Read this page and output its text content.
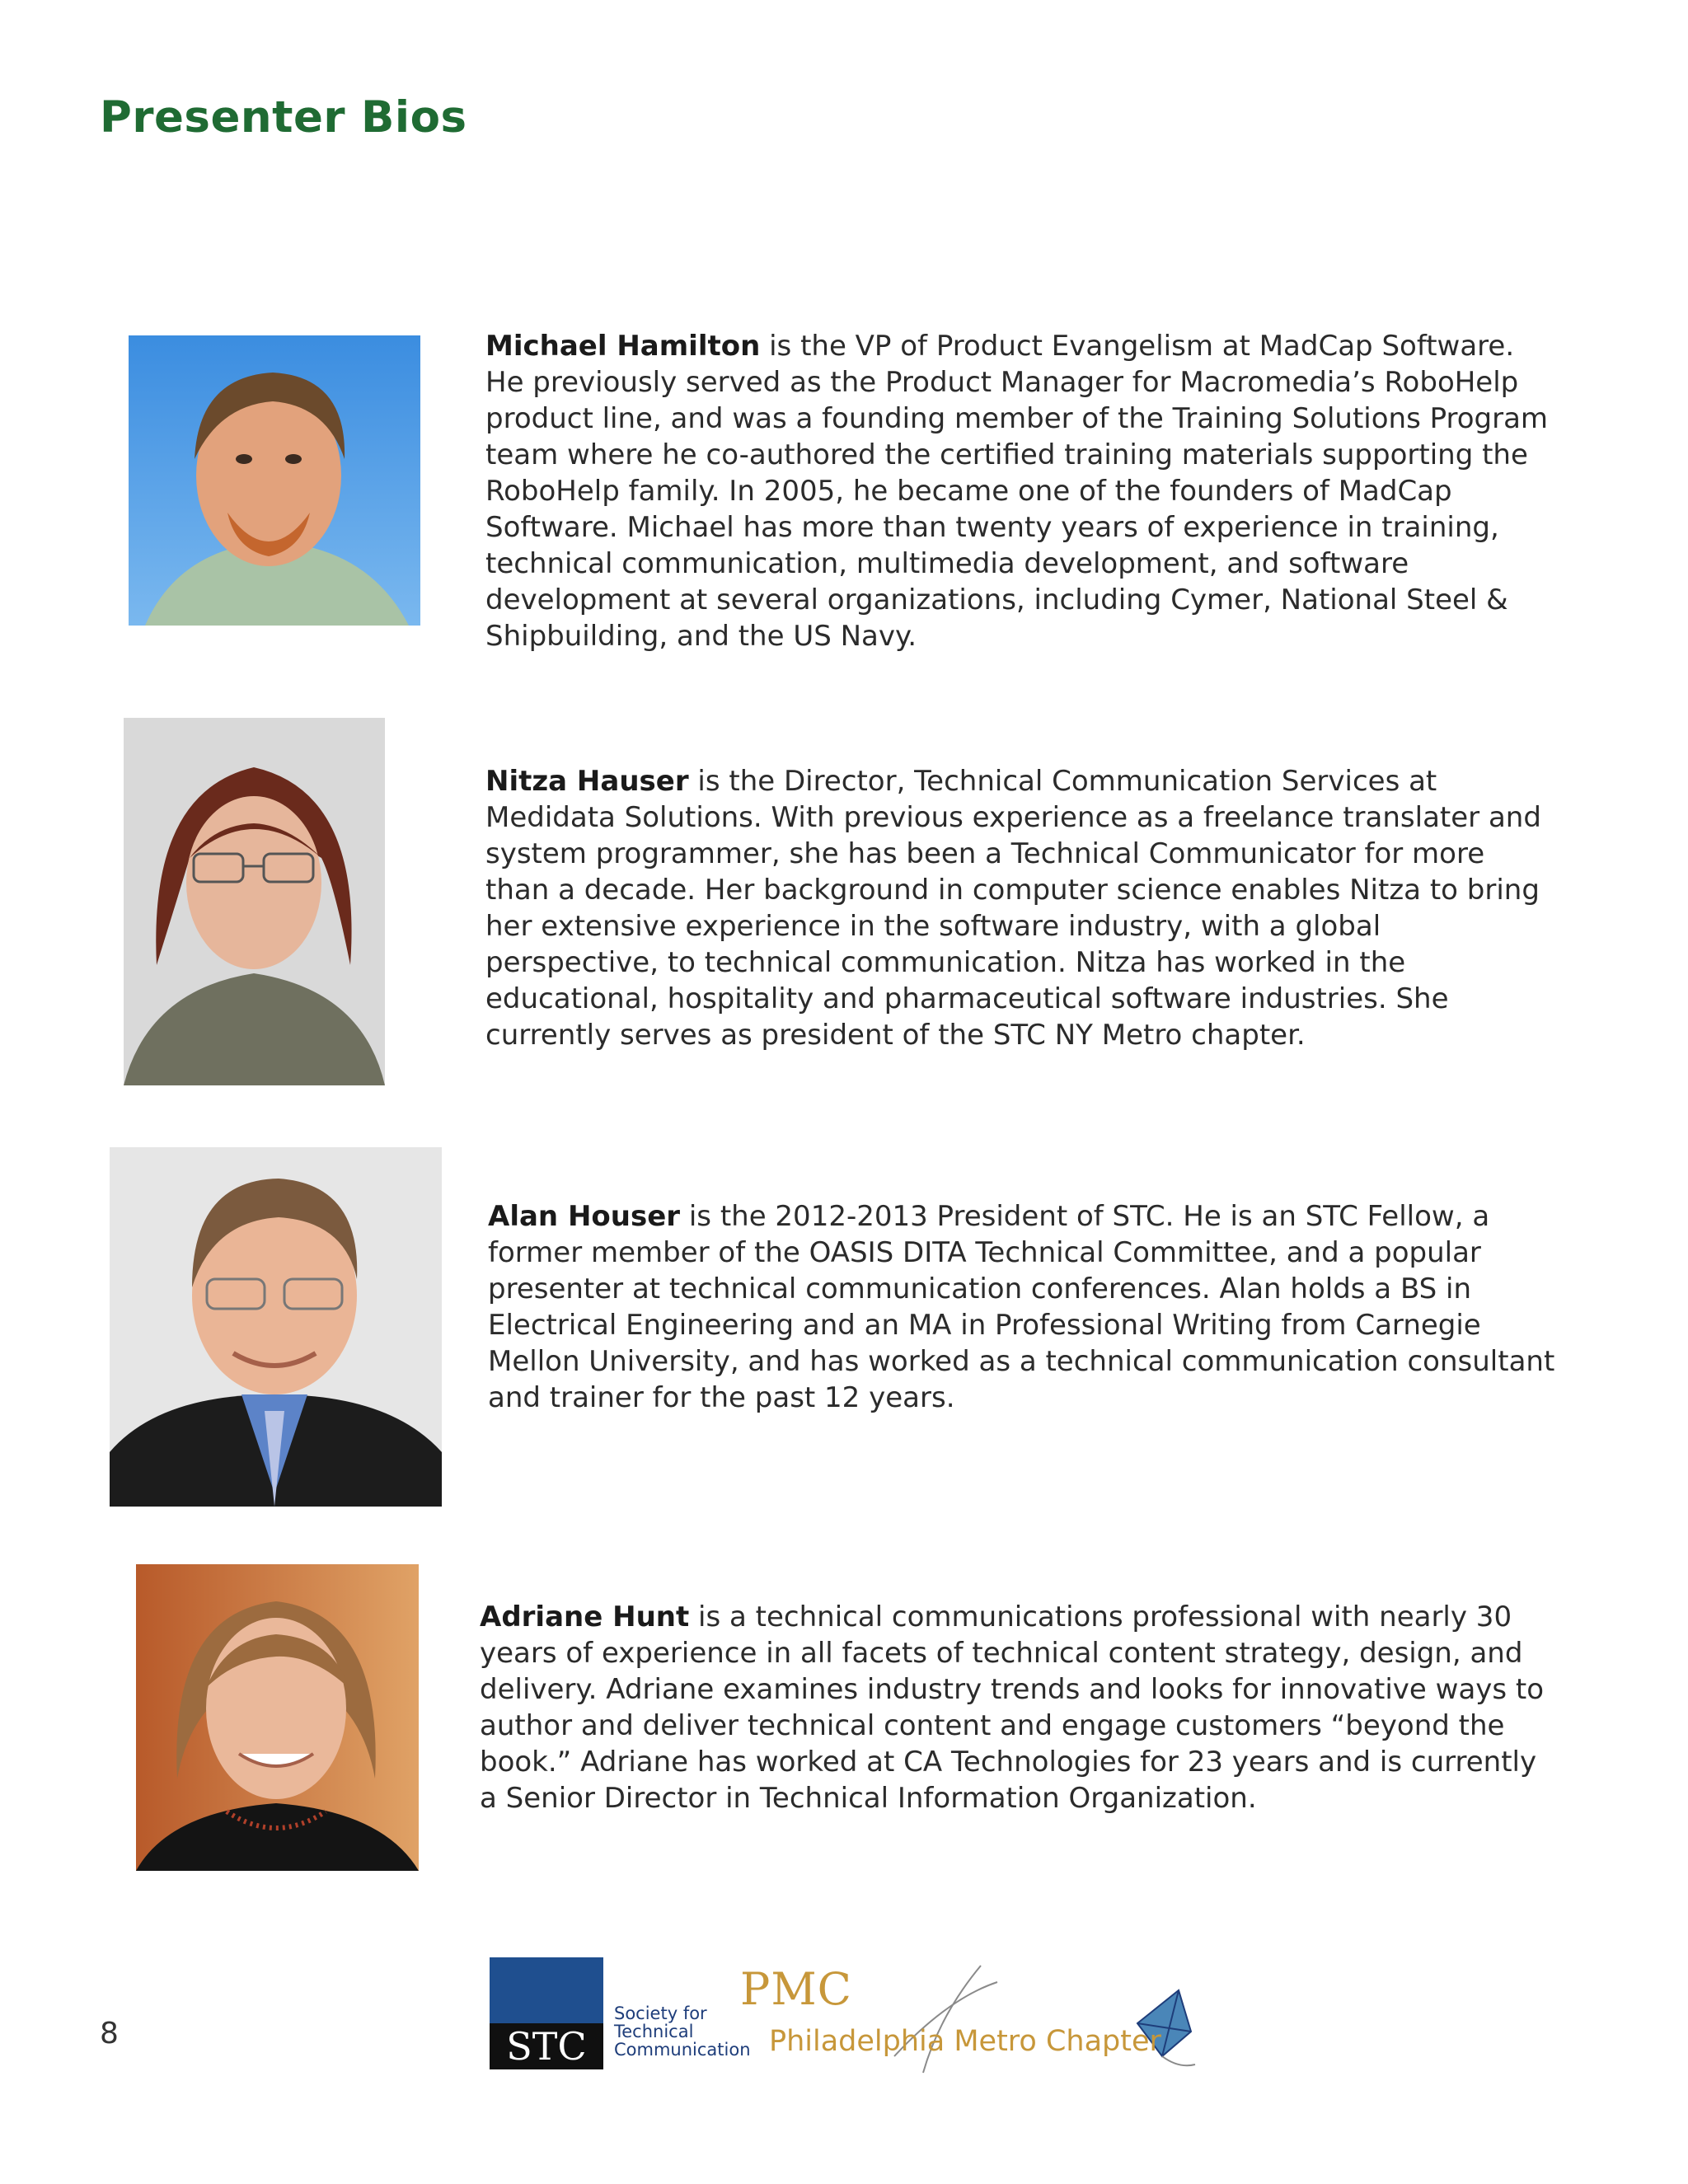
Presenter Bios

Michael Hamilton is the VP of Product Evangelism at MadCap Software. He previously served as the Product Manager for Macromedia’s RoboHelp product line, and was a founding member of the Training Solutions Program team where he co-authored the certified training materials supporting the RoboHelp family. In 2005, he became one of the founders of MadCap Software. Michael has more than twenty years of experience in training, technical communication, multimedia development, and software development at several organizations, including Cymer, National Steel & Shipbuilding, and the US Navy.

Nitza Hauser is the Director, Technical Communication Services at Medidata Solutions. With previous experience as a freelance translater and system programmer, she has been a Technical Communicator for more than a decade. Her background in computer science enables Nitza to bring her extensive experience in the software industry, with a global perspective, to technical communication. Nitza has worked in the educational, hospitality and pharmaceutical software industries. She currently serves as president of the STC NY Metro chapter.

Alan Houser is the 2012-2013 President of STC. He is an STC Fellow, a former member of the OASIS DITA Technical Committee, and a popular presenter at technical communication conferences. Alan holds a BS in Electrical Engineering and an MA in Professional Writing from Carnegie Mellon University, and has worked as a technical communication consultant and trainer for the past 12 years.

Adriane Hunt is a technical communications professional with nearly 30 years of experience in all facets of technical content strategy, design, and delivery. Adriane examines industry trends and looks for innovative ways to author and deliver technical content and engage customers “beyond the book.” Adriane has worked at CA Technologies for 23 years and is currently a Senior Director in Technical Information Organization.

8	STC
Society for
Technical
Communication
PMC
Philadelphia Metro Chapter
